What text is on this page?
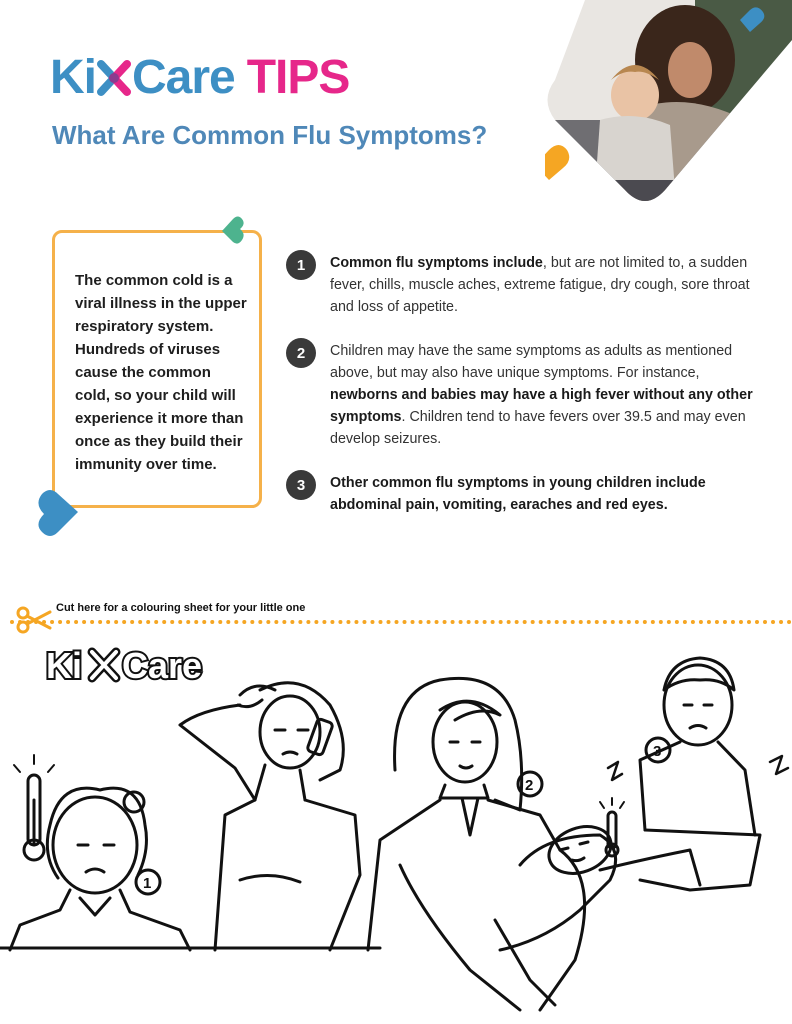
Ki Care TIPS
What Are Common Flu Symptoms?

The common cold is a viral illness in the upper respiratory system. Hundreds of viruses cause the common cold, so your child will experience it more than once as they build their immunity over time.

1	Common flu symptoms include, but are not limited to, a sudden fever, chills, muscle aches, extreme fatigue, dry cough, sore throat and loss of appetite.
2	Children may have the same symptoms as adults as mentioned above, but may also have unique symptoms. For instance, newborns and babies may have a high fever without any other symptoms. Children tend to have fevers over 39.5 and may even develop seizures.
3	Other common flu symptoms in young children include abdominal pain, vomiting, earaches and red eyes.
Cut here for a colouring sheet for your little one
1
2
3
Ki Care
